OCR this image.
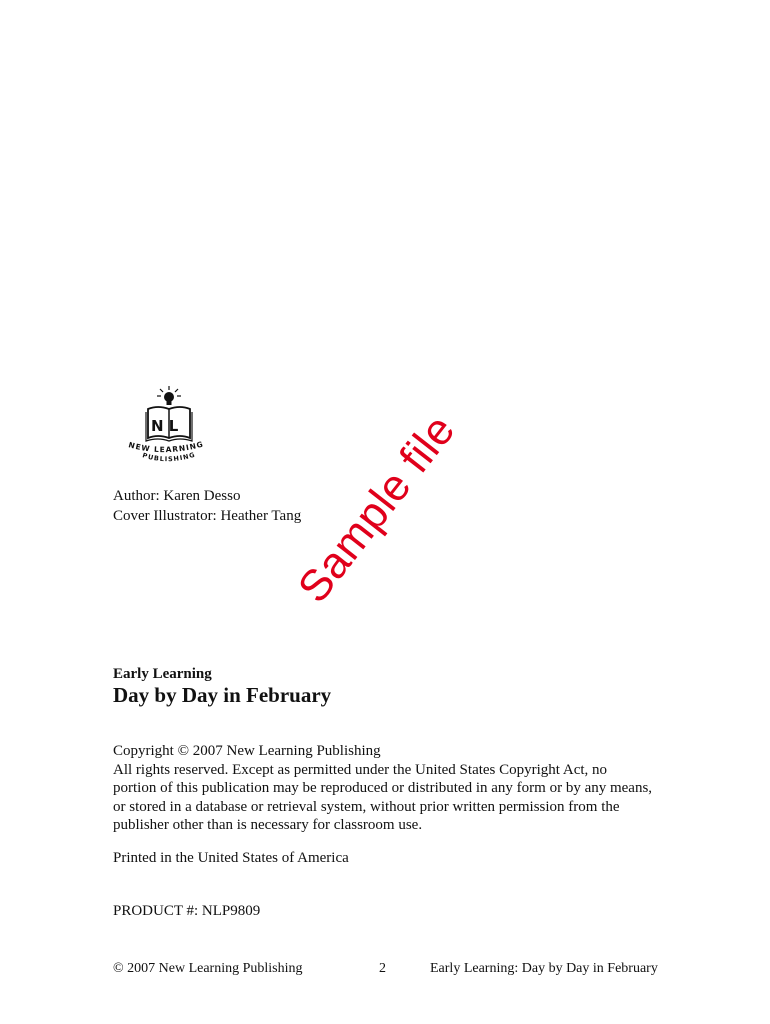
N L
NEW LEARNING
PUBLISHING
Author: Karen Desso
Cover Illustrator: Heather Tang
Sample file
Early Learning
Day by Day in February
Copyright © 2007 New Learning Publishing
All rights reserved. Except as permitted under the United States Copyright Act, no
portion of this publication may be reproduced or distributed in any form or by any means,
or stored in a database or retrieval system, without prior written permission from the
publisher other than is necessary for classroom use.
Printed in the United States of America
PRODUCT #: NLP9809
© 2007 New Learning Publishing	2	Early Learning: Day by Day in February
